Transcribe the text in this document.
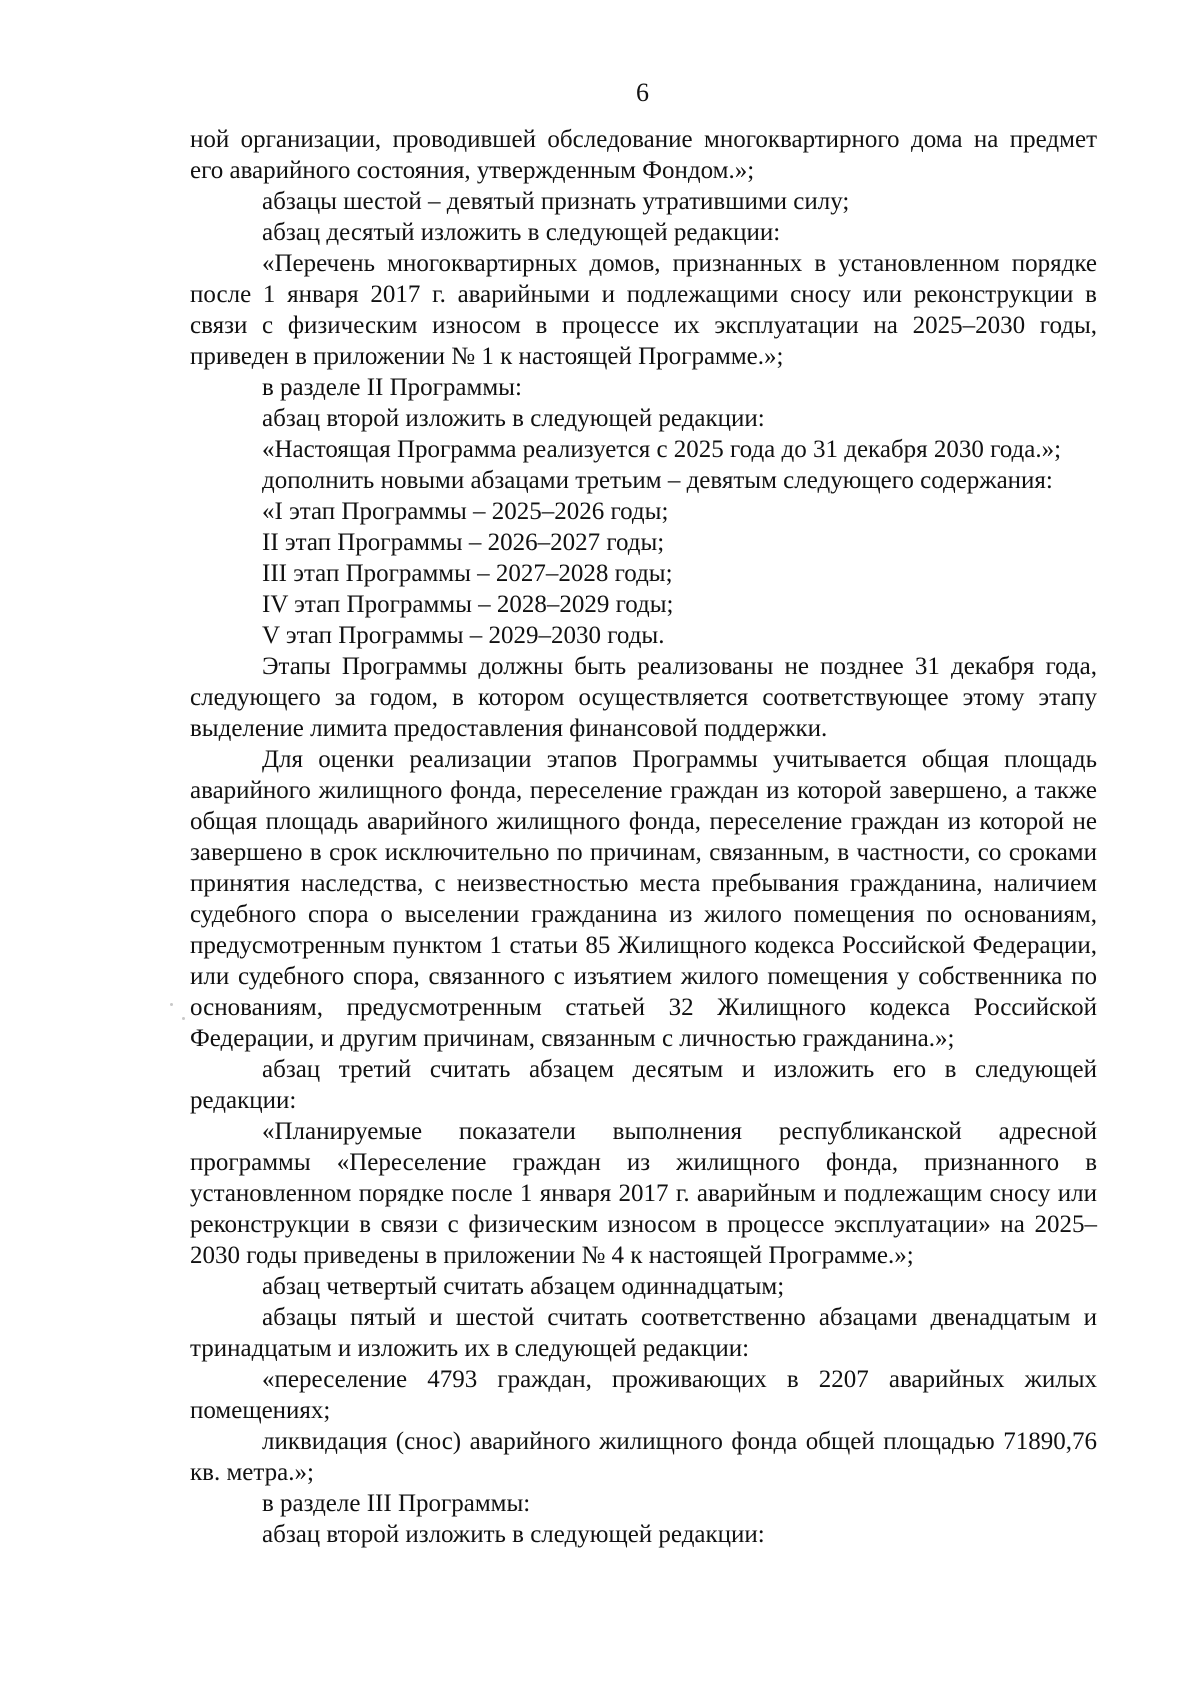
6

ной организации, проводившей обследование многоквартирного дома на предмет его аварийного состояния, утвержденным Фондом.»;

абзацы шестой – девятый признать утратившими силу;

абзац десятый изложить в следующей редакции:

«Перечень многоквартирных домов, признанных в установленном порядке после 1 января 2017 г. аварийными и подлежащими сносу или реконструкции в связи с физическим износом в процессе их эксплуатации на 2025–2030 годы, приведен в приложении № 1 к настоящей Программе.»;

в разделе II Программы:

абзац второй изложить в следующей редакции:

«Настоящая Программа реализуется с 2025 года до 31 декабря 2030 года.»;

дополнить новыми абзацами третьим – девятым следующего содержания:

«I этап Программы – 2025–2026 годы;

II этап Программы – 2026–2027 годы;

III этап Программы – 2027–2028 годы;

IV этап Программы – 2028–2029 годы;

V этап Программы – 2029–2030 годы.

Этапы Программы должны быть реализованы не позднее 31 декабря года, следующего за годом, в котором осуществляется соответствующее этому этапу выделение лимита предоставления финансовой поддержки.

Для оценки реализации этапов Программы учитывается общая площадь аварийного жилищного фонда, переселение граждан из которой завершено, а также общая площадь аварийного жилищного фонда, переселение граждан из которой не завершено в срок исключительно по причинам, связанным, в частности, со сроками принятия наследства, с неизвестностью места пребывания гражданина, наличием судебного спора о выселении гражданина из жилого помещения по основаниям, предусмотренным пунктом 1 статьи 85 Жилищного кодекса Российской Федерации, или судебного спора, связанного с изъятием жилого помещения у собственника по основаниям, предусмотренным статьей 32 Жилищного кодекса Российской Федерации, и другим причинам, связанным с личностью гражданина.»;

абзац третий считать абзацем десятым и изложить его в следующей редакции:

«Планируемые показатели выполнения республиканской адресной программы «Переселение граждан из жилищного фонда, признанного в установленном порядке после 1 января 2017 г. аварийным и подлежащим сносу или реконструкции в связи с физическим износом в процессе эксплуатации» на 2025–2030 годы приведены в приложении № 4 к настоящей Программе.»;

абзац четвертый считать абзацем одиннадцатым;

абзацы пятый и шестой считать соответственно абзацами двенадцатым и тринадцатым и изложить их в следующей редакции:

«переселение 4793 граждан, проживающих в 2207 аварийных жилых помещениях;

ликвидация (снос) аварийного жилищного фонда общей площадью 71890,76 кв. метра.»;

в разделе III Программы:

абзац второй изложить в следующей редакции:
